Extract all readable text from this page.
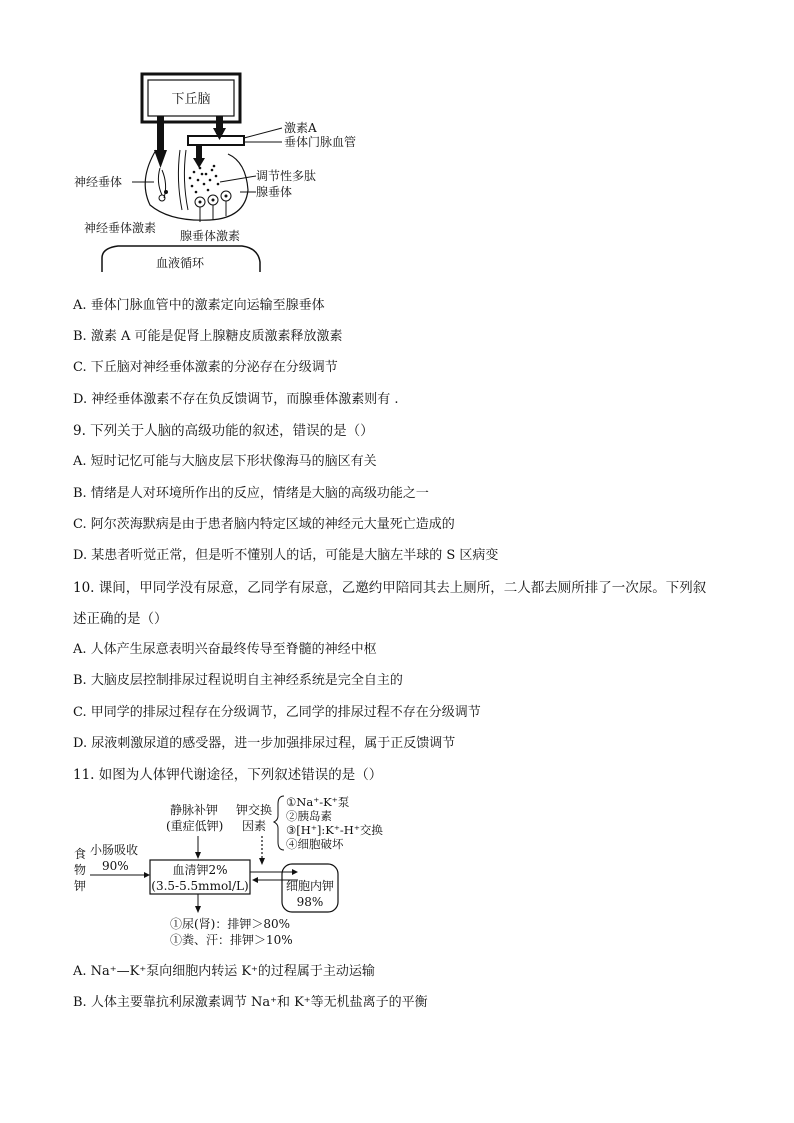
下丘脑
激素A
垂体门脉血管
调节性多肽
腺垂体
神经垂体
神经垂体激素
腺垂体激素
血液循环
A. 垂体门脉血管中的激素定向运输至腺垂体
B. 激素 A 可能是促肾上腺糖皮质激素释放激素
C. 下丘脑对神经垂体激素的分泌存在分级调节
D. 神经垂体激素不存在负反馈调节，而腺垂体激素则有 .
9. 下列关于人脑的高级功能的叙述，错误的是（）
A. 短时记忆可能与大脑皮层下形状像海马的脑区有关
B. 情绪是人对环境所作出的反应，情绪是大脑的高级功能之一
C. 阿尔茨海默病是由于患者脑内特定区域的神经元大量死亡造成的
D. 某患者听觉正常，但是听不懂别人的话，可能是大脑左半球的 S 区病变
10. 课间，甲同学没有尿意，乙同学有尿意，乙邀约甲陪同其去上厕所，二人都去厕所排了一次尿。下列叙
述正确的是（）
A. 人体产生尿意表明兴奋最终传导至脊髓的神经中枢
B. 大脑皮层控制排尿过程说明自主神经系统是完全自主的
C. 甲同学的排尿过程存在分级调节，乙同学的排尿过程不存在分级调节
D. 尿液刺激尿道的感受器，进一步加强排尿过程，属于正反馈调节
11. 如图为人体钾代谢途径，下列叙述错误的是（）
静脉补钾
(重症低钾)
钾交换
因素
①Na⁺-K⁺泵
②胰岛素
③[H⁺]:K⁺-H⁺交换
④细胞破坏
食
物
钾
小肠吸收
90%	血清钾2%
(3.5-5.5mmol/L)	细胞内钾
98%
①尿(肾)：排钾＞80%
①粪、汗：排钾＞10%
A. Na⁺—K⁺泵向细胞内转运 K⁺的过程属于主动运输
B. 人体主要靠抗利尿激素调节 Na⁺和 K⁺等无机盐离子的平衡
